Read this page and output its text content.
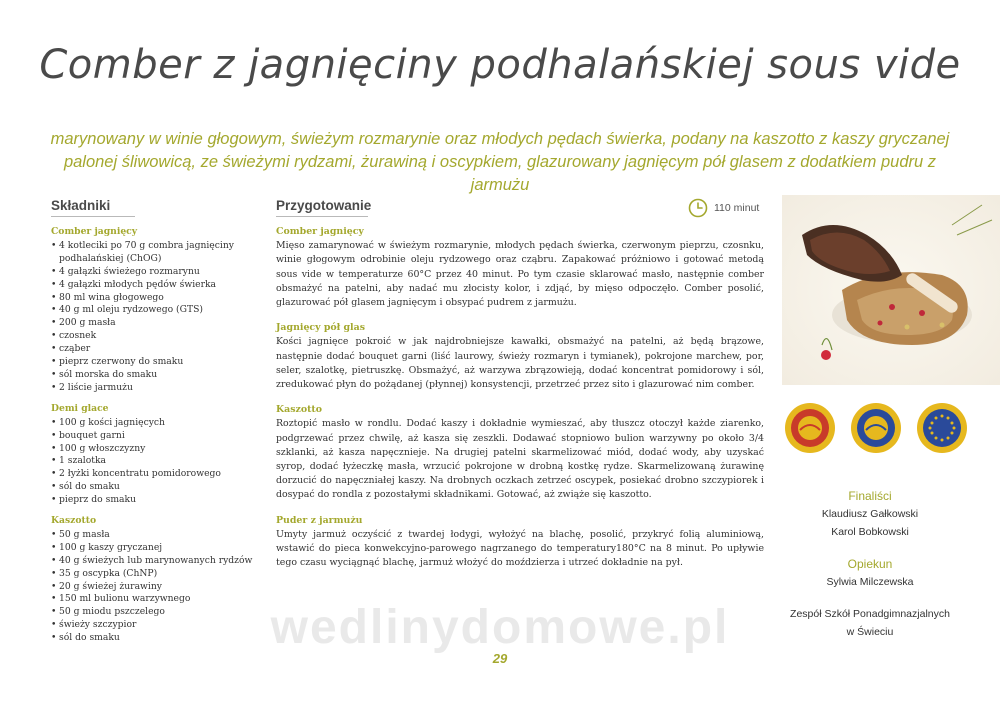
Comber z jagnięciny podhalańskiej sous vide
marynowany w winie głogowym, świeżym rozmarynie oraz młodych pędach świerka, podany na kaszotto z kaszy gryczanej palonej śliwowicą, ze świeżymi rydzami, żurawiną i oscypkiem, glazurowany jagnięcym pół glasem z dodatkiem pudru z jarmużu
Składniki
Comber jagnięcy
• 4 kotleciki po 70 g combra jagnięciny podhalańskiej (ChOG)
• 4 gałązki świeżego rozmarynu
• 4 gałązki młodych pędów świerka
• 80 ml wina głogowego
• 40 g ml oleju rydzowego (GTS)
• 200 g masła
• czosnek
• cząber
• pieprz czerwony do smaku
• sól morska do smaku
• 2 liście jarmużu
Demi glace
• 100 g kości jagnięcych
• bouquet garni
• 100 g włoszczyzny
• 1 szalotka
• 2 łyżki koncentratu pomidorowego
• sól do smaku
• pieprz do smaku
Kaszotto
• 50 g masła
• 100 g kaszy gryczanej
• 40 g świeżych lub marynowanych rydzów
• 35 g oscypka (ChNP)
• 20 g świeżej żurawiny
• 150 ml bulionu warzywnego
• 50 g miodu pszczelego
• świeży szczypior
• sól do smaku
Przygotowanie	110 minut
Comber jagnięcy

Mięso zamarynować w świeżym rozmarynie, młodych pędach świerka, czerwonym pieprzu, czosnku, winie głogowym odrobinie oleju rydzowego oraz cząbru. Zapakować próżniowo i gotować metodą sous vide w temperaturze 60°C przez 40 minut. Po tym czasie sklarować masło, następnie comber obsmażyć na patelni, aby nadać mu złocisty kolor, i zdjąć, by mięso odpoczęło. Comber posolić, glazurować pół glasem jagnięcym i obsypać pudrem z jarmużu.

Jagnięcy pół glas

Kości jagnięce pokroić w jak najdrobniejsze kawałki, obsmażyć na patelni, aż będą brązowe, następnie dodać bouquet garni (liść laurowy, świeży rozmaryn i tymianek), pokrojone marchew, por, seler, szalotkę, pietruszkę. Obsmażyć, aż warzywa zbrązowieją, dodać koncentrat pomidorowy i sól, zredukować płyn do pożądanej (płynnej) konsystencji, przetrzeć przez sito i glazurować nim comber.

Kaszotto

Roztopić masło w rondlu. Dodać kaszy i dokładnie wymieszać, aby tłuszcz otoczył każde ziarenko, podgrzewać przez chwilę, aż kasza się zeszkli. Dodawać stopniowo bulion warzywny po około 3/4 szklanki, aż kasza napęcznieje. Na drugiej patelni skarmelizować miód, dodać wody, aby uzyskać syrop, dodać łyżeczkę masła, wrzucić pokrojone w drobną kostkę rydze. Skarmelizowaną żurawinę dorzucić do napęczniałej kaszy. Na drobnych oczkach zetrzeć oscypek, posiekać drobno szczypiorek i dosypać do rondla z pozostałymi składnikami. Gotować, aż zwiąże się kaszotto.

Puder z jarmużu

Umyty jarmuż oczyścić z twardej łodygi, wyłożyć na blachę, posolić, przykryć folią aluminiową, wstawić do pieca konwekcyjno-parowego nagrzanego do temperatury180°C na 8 minut. Po upływie tego czasu wyciągnąć blachę, jarmuż włożyć do moździerza i utrzeć dokładnie na pył.

Finaliści
Klaudiusz Gałkowski
Karol Bobkowski
Opiekun
Sylwia Milczewska
Zespół Szkół Ponadgimnazjalnych
w Świeciu
wedlinydomowe.pl
29
